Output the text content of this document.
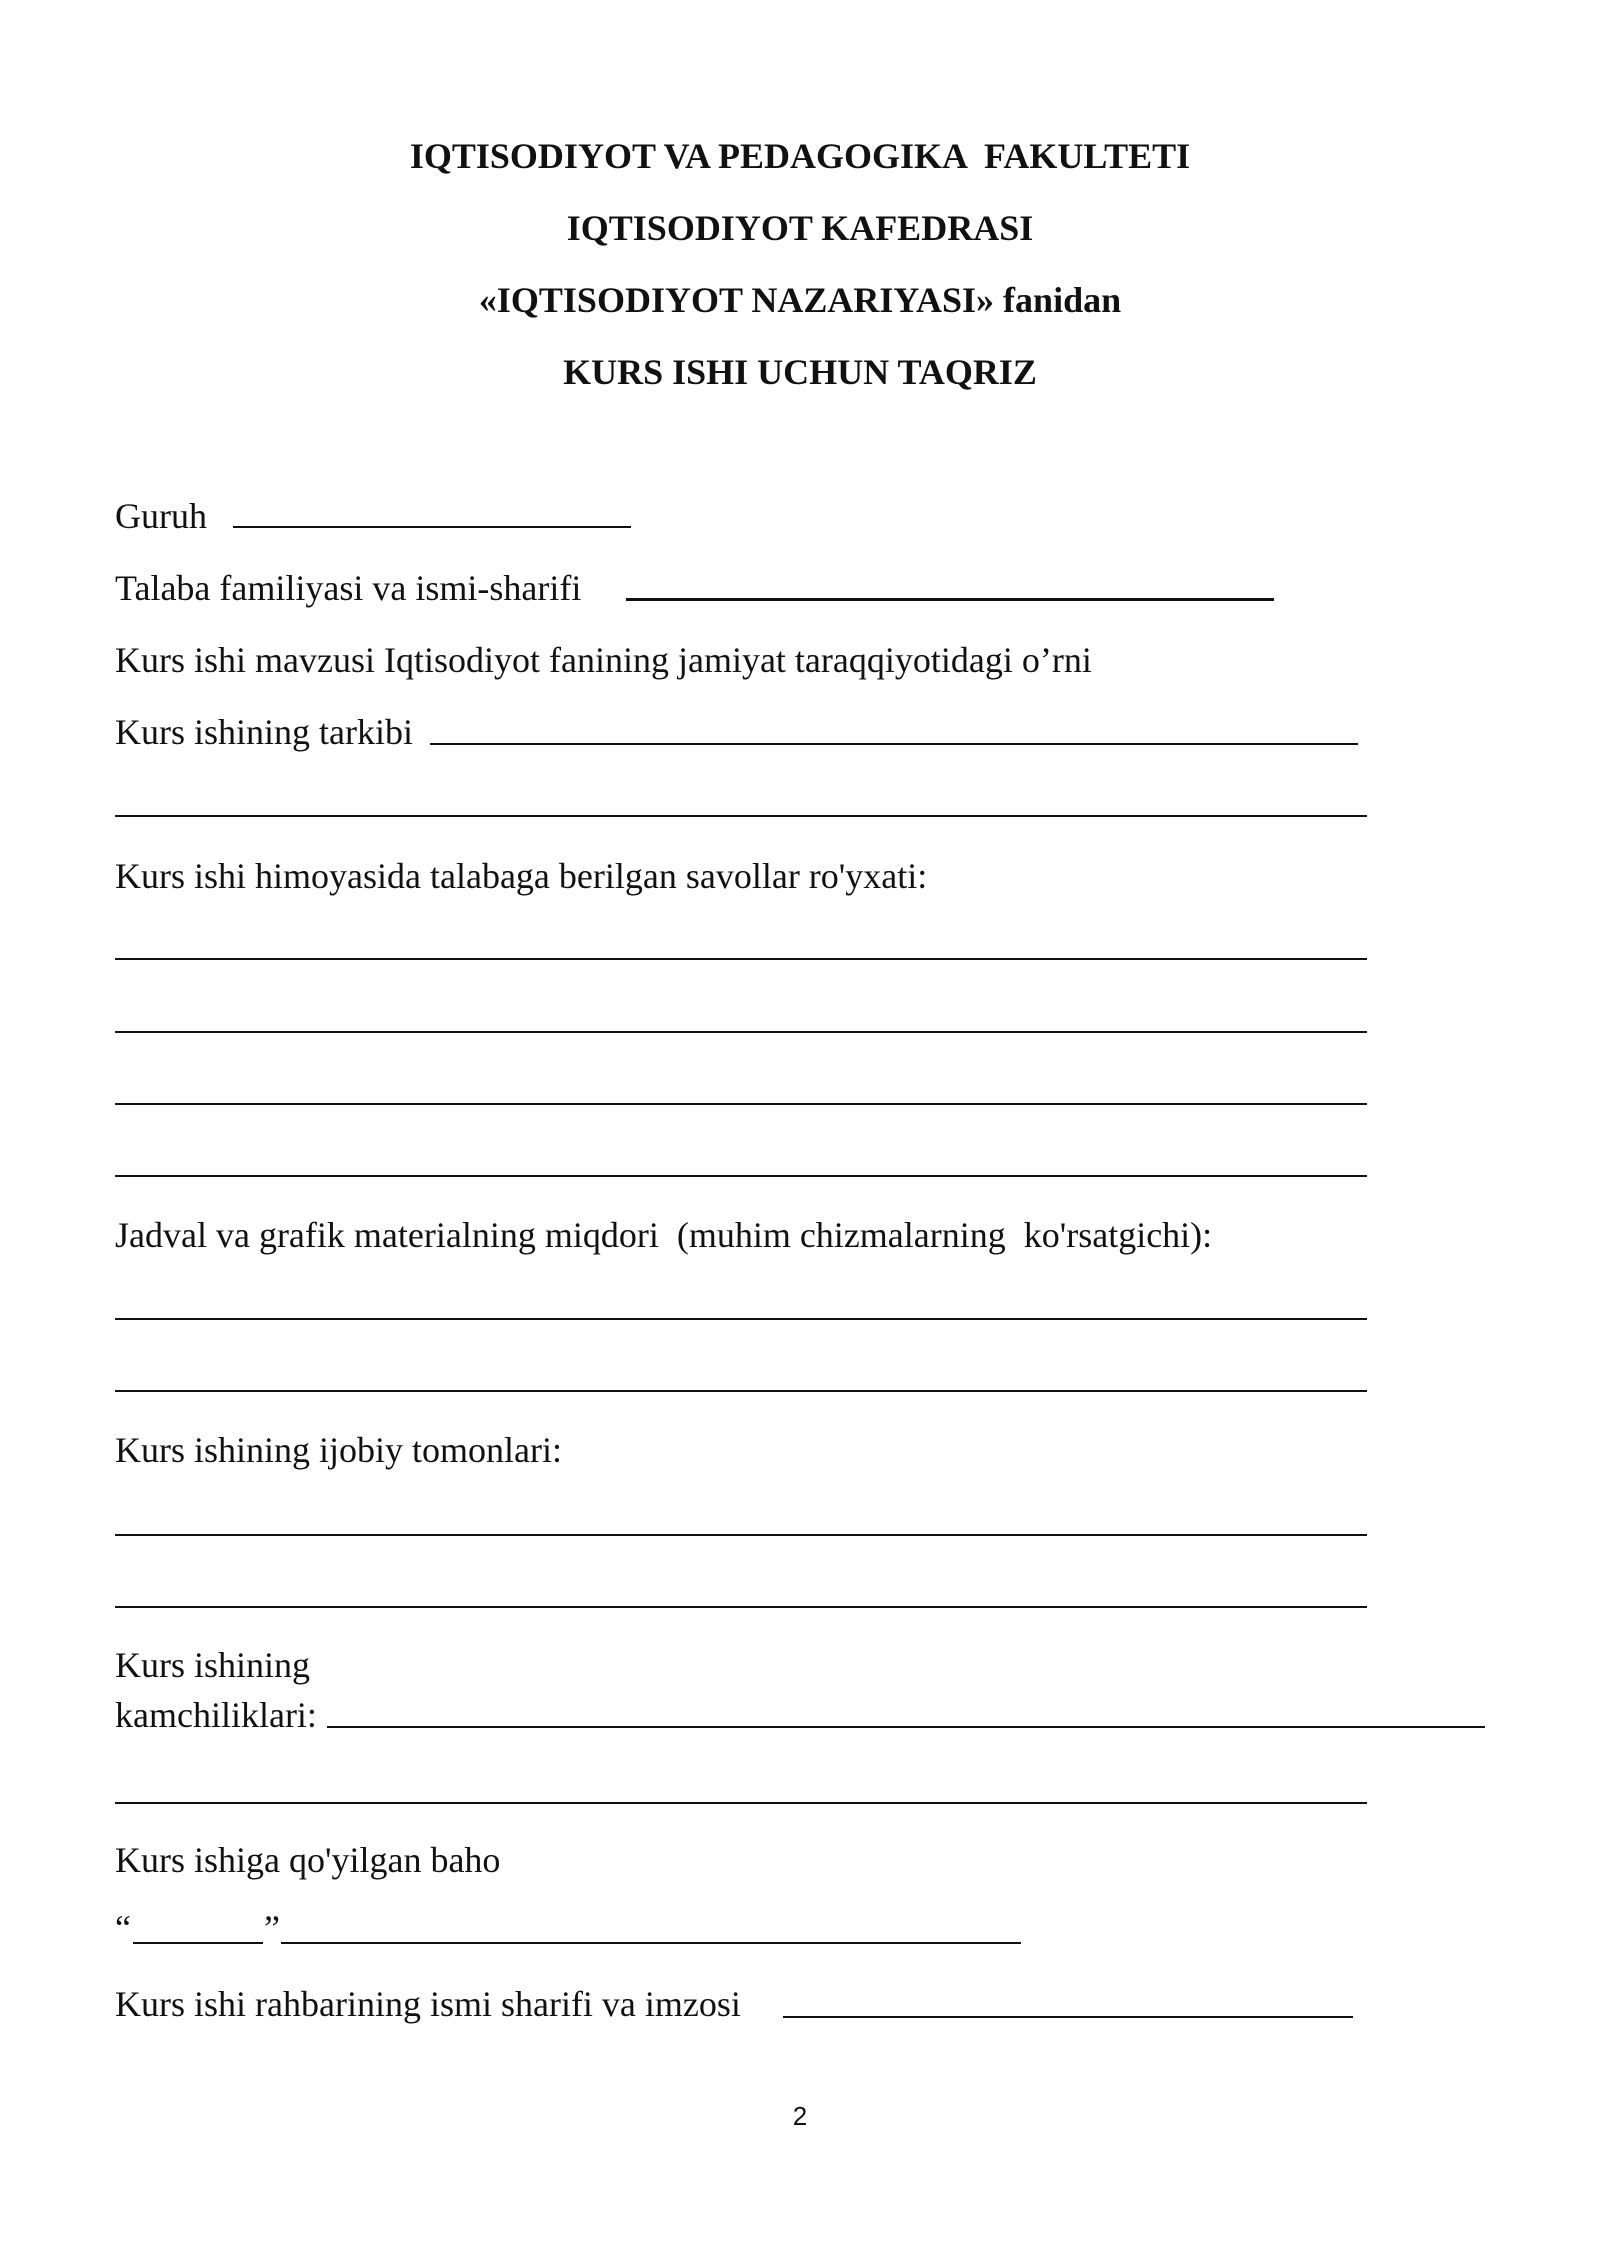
IQTISODIYOT VA PEDAGOGIKA  FAKULTETI
IQTISODIYOT KAFEDRASI
«IQTISODIYOT NAZARIYASI» fanidan
KURS ISHI UCHUN TAQRIZ
Guruh
Talaba familiyasi va ismi-sharifi
Kurs ishi mavzusi Iqtisodiyot fanining jamiyat taraqqiyotidagi o’rni
Kurs ishining tarkibi
Kurs ishi himoyasida talabaga berilgan savollar ro'yxati:
Jadval va grafik materialning miqdori  (muhim chizmalarning  ko'rsatgichi):
Kurs ishining ijobiy tomonlari:
Kurs ishining
kamchiliklari:
Kurs ishiga qo'yilgan baho
“	”
Kurs ishi rahbarining ismi sharifi va imzosi
2
